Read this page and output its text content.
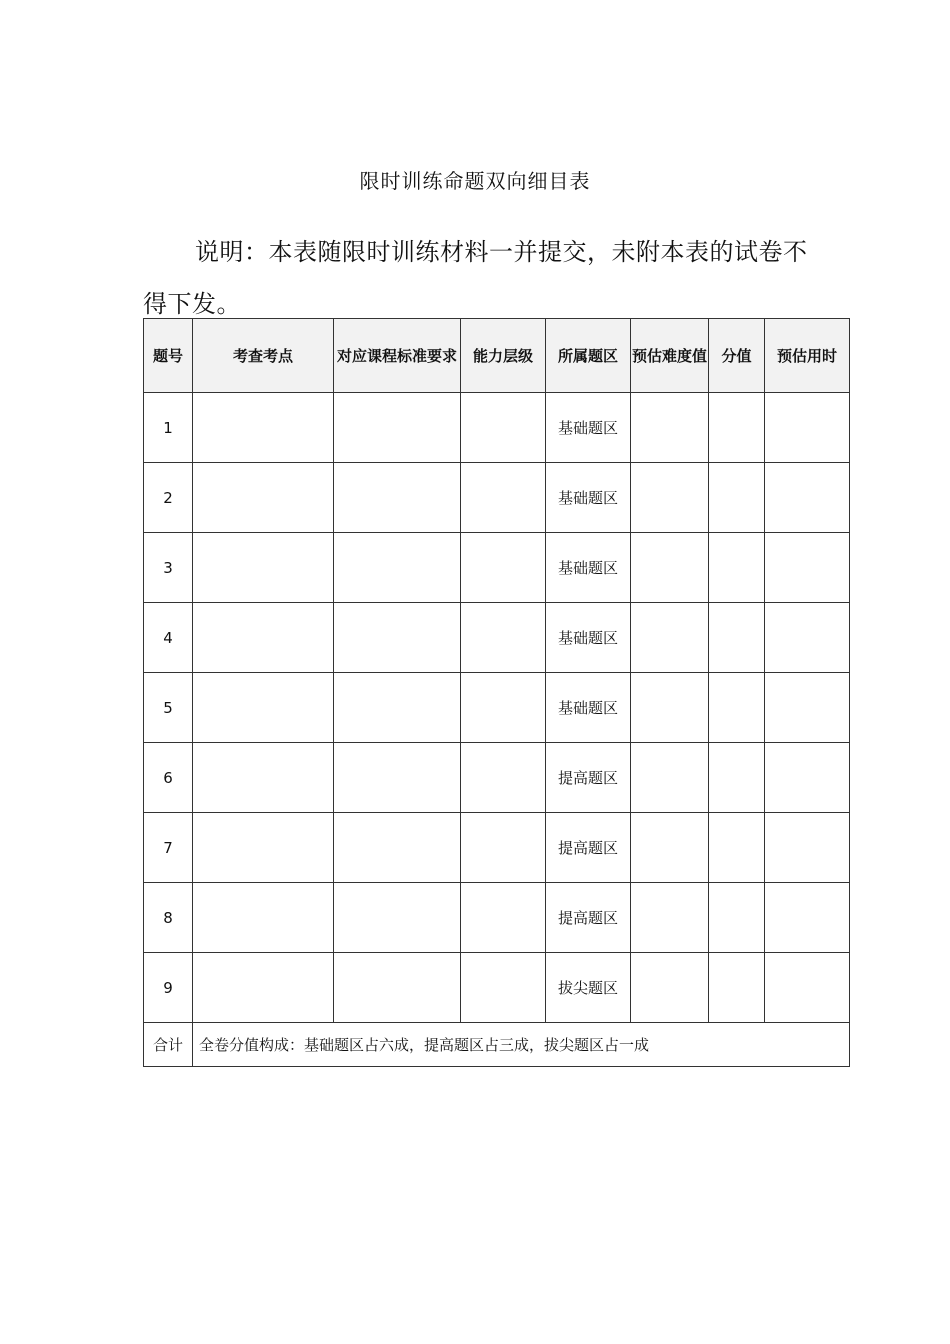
限时训练命题双向细目表
说明：本表随限时训练材料一并提交，未附本表的试卷不得下发。
题号	考查考点	对应课程标准要求	能力层级	所属题区	预估难度值	分值	预估用时
1				基础题区			
2				基础题区			
3				基础题区			
4				基础题区			
5				基础题区			
6				提高题区			
7				提高题区			
8				提高题区			
9				拔尖题区			
合计	全卷分值构成：基础题区占六成，提高题区占三成，拔尖题区占一成						
